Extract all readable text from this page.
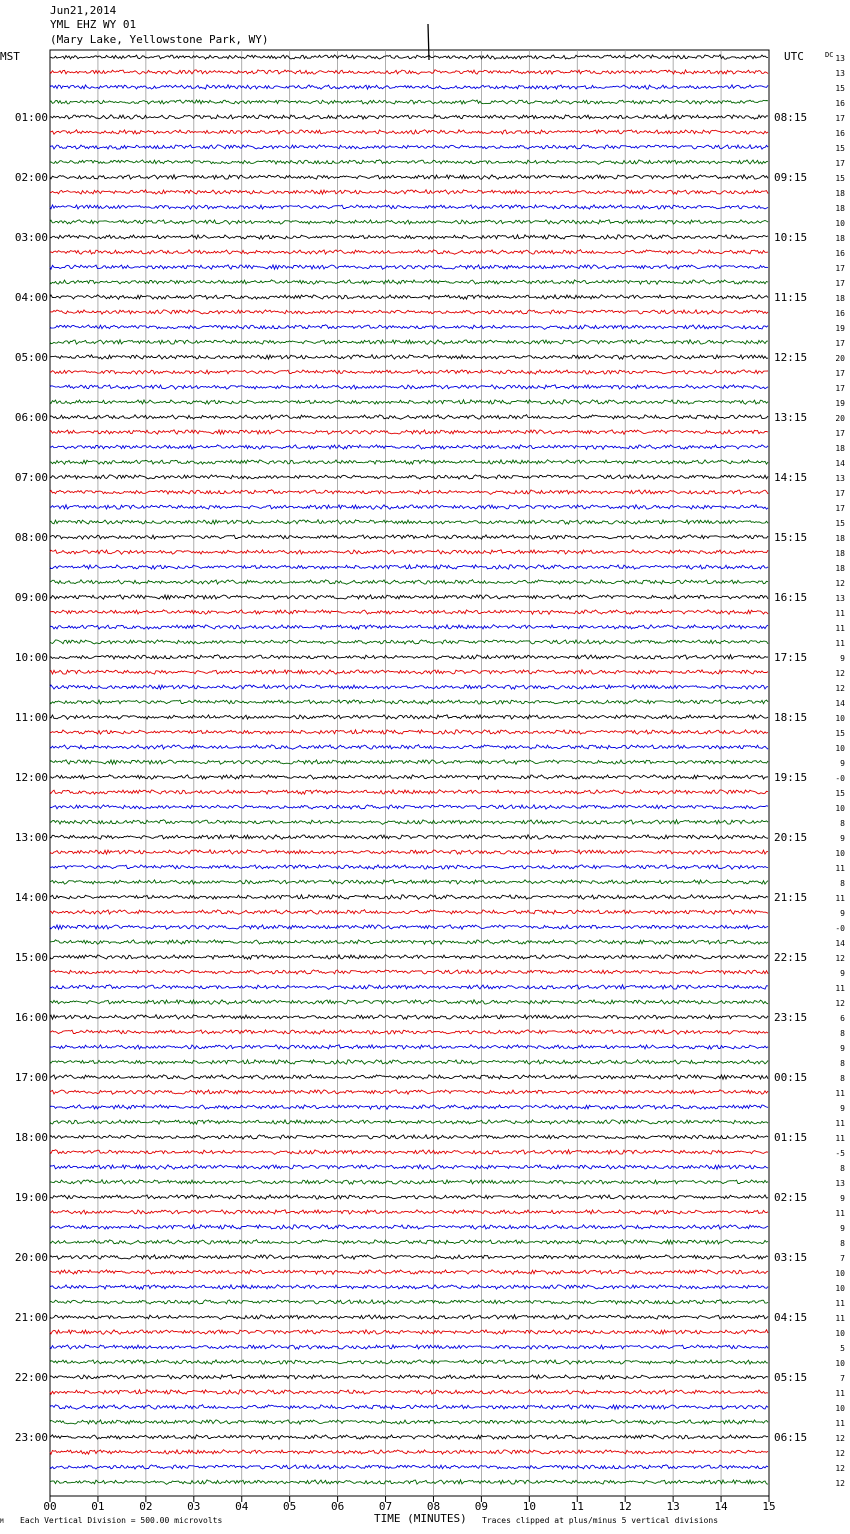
Jun21,2014
YML EHZ WY 01
(Mary Lake, Yellowstone Park, WY)
00	01	02	03	04	05	06	07	08	09	10	11	12	13	14	15
13
13
15
16
17
16
15
17
15
18
18
10
18
16
17
17
18
16
19
17
20
17
17
19
20
17
18
14
13
17
17
15
18
18
18
12
13
11
11
11
9
12
12
14
10
15
10
9
-0
15
10
8
9
10
11
8
11
9
-0
14
12
9
11
12
6
8
9
8
8
11
9
11
11
-5
8
13
9
11
9
8
7
10
10
11
11
10
5
10
7
11
10
11
12
12
12
12
MST	UTC	DC
01:00
02:00
03:00
04:00
05:00
06:00
07:00
08:00
09:00
10:00
11:00
12:00
13:00
14:00
15:00
16:00
17:00
18:00
19:00
20:00
21:00
22:00
23:00
08:15
09:15
10:15
11:15
12:15
13:15
14:15
15:15
16:15
17:15
18:15
19:15
20:15
21:15
22:15
23:15
00:15
01:15
02:15
03:15
04:15
05:15
06:15
M Each Vertical Division = 500.00 microvolts	TIME (MINUTES) Traces clipped at plus/minus 5 vertical divisions
